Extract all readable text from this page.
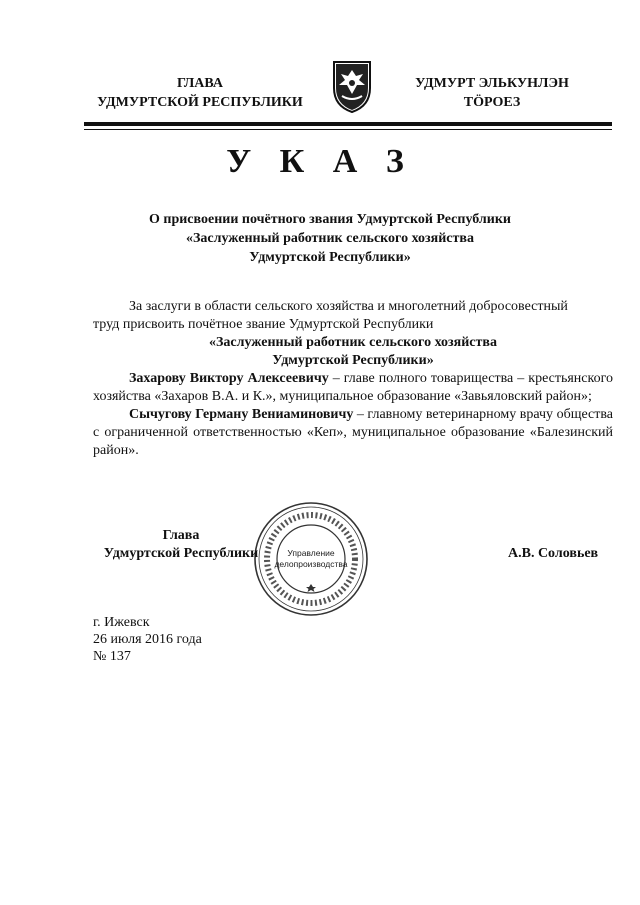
ГЛАВА
УДМУРТСКОЙ РЕСПУБЛИКИ
УДМУРТ ЭЛЬКУНЛЭН
ТӦРОЕЗ
У К А З
О присвоении почётного звания Удмуртской Республики
«Заслуженный работник сельского хозяйства
Удмуртской Республики»

За заслуги в области сельского хозяйства и многолетний добросовестный

труд присвоить почётное звание Удмуртской Республики

«Заслуженный работник сельского хозяйства

Удмуртской Республики»

Захарову Виктору Алексеевичу – главе полного товарищества – крестьянского хозяйства «Захаров В.А. и К.», муниципальное образование «Завьяловский район»;

Сычугову Герману Вениаминовичу – главному ветеринарному врачу общества с ограниченной ответственностью «Кеп», муниципальное образование «Балезинский район».

Управление
делопроизводства
Глава
Удмуртской Республики	А.В. Соловьев
г. Ижевск
26 июля 2016 года
№ 137
